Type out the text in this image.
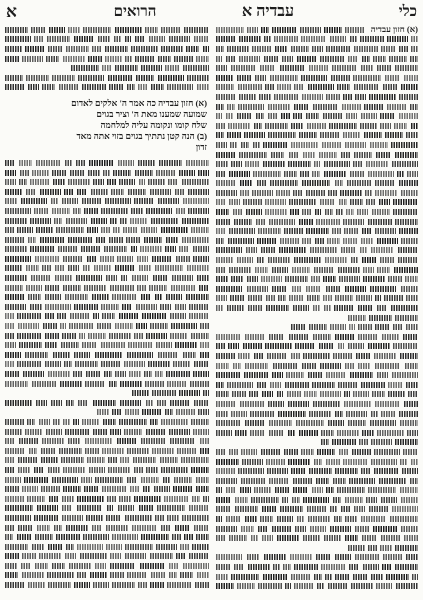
כלי
עבדיה א
הרואים
א
(א) חזון עבדיה
(א) חזון עבדיה כה אמר ה' אלקים לאדום
שמועה שמענו מאת ה' וציר בגוים
שלח קומו ונקומה עליה למלחמה
(ב) הנה קטן נתתיך בגוים בזוי אתה מאד
זדון
